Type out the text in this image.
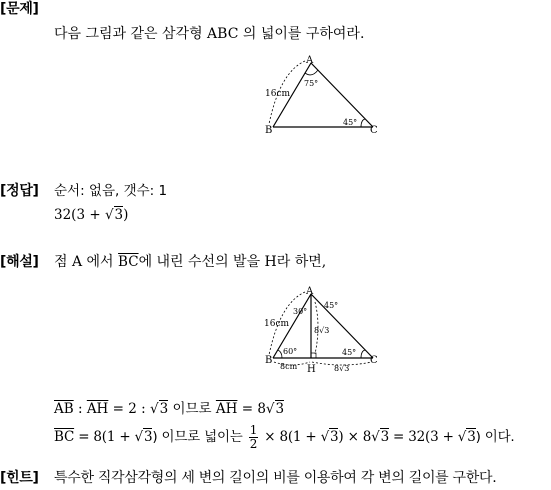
[문제]
다음 그림과 같은 삼각형 ABC 의 넓이를 구하여라.
A
B	C
16cm
75°
45°
[정답] 순서: 없음, 갯수: 1
32(3 + √3)
[해설] 점 A 에서 $\overline{BC}$에 내린 수선의 발을 H라 하면,
A
B	C
H
16cm
30°
45°
8√3
60°	45°
8cm	8√3
$\overline{AB}$ : $\overline{AH} = 2$ : √3 이므로 $\overline{AH} = 8√3$
$\overline{BC} = 8(1 + √3)$ 이므로 넓이는 $\frac{1}{2} \times 8(1 + √3) \times 8√3 = 32(3 + √3)$ 이다.
[힌트] 특수한 직각삼각형의 세 변의 길이의 비를 이용하여 각 변의 길이를 구한다.
